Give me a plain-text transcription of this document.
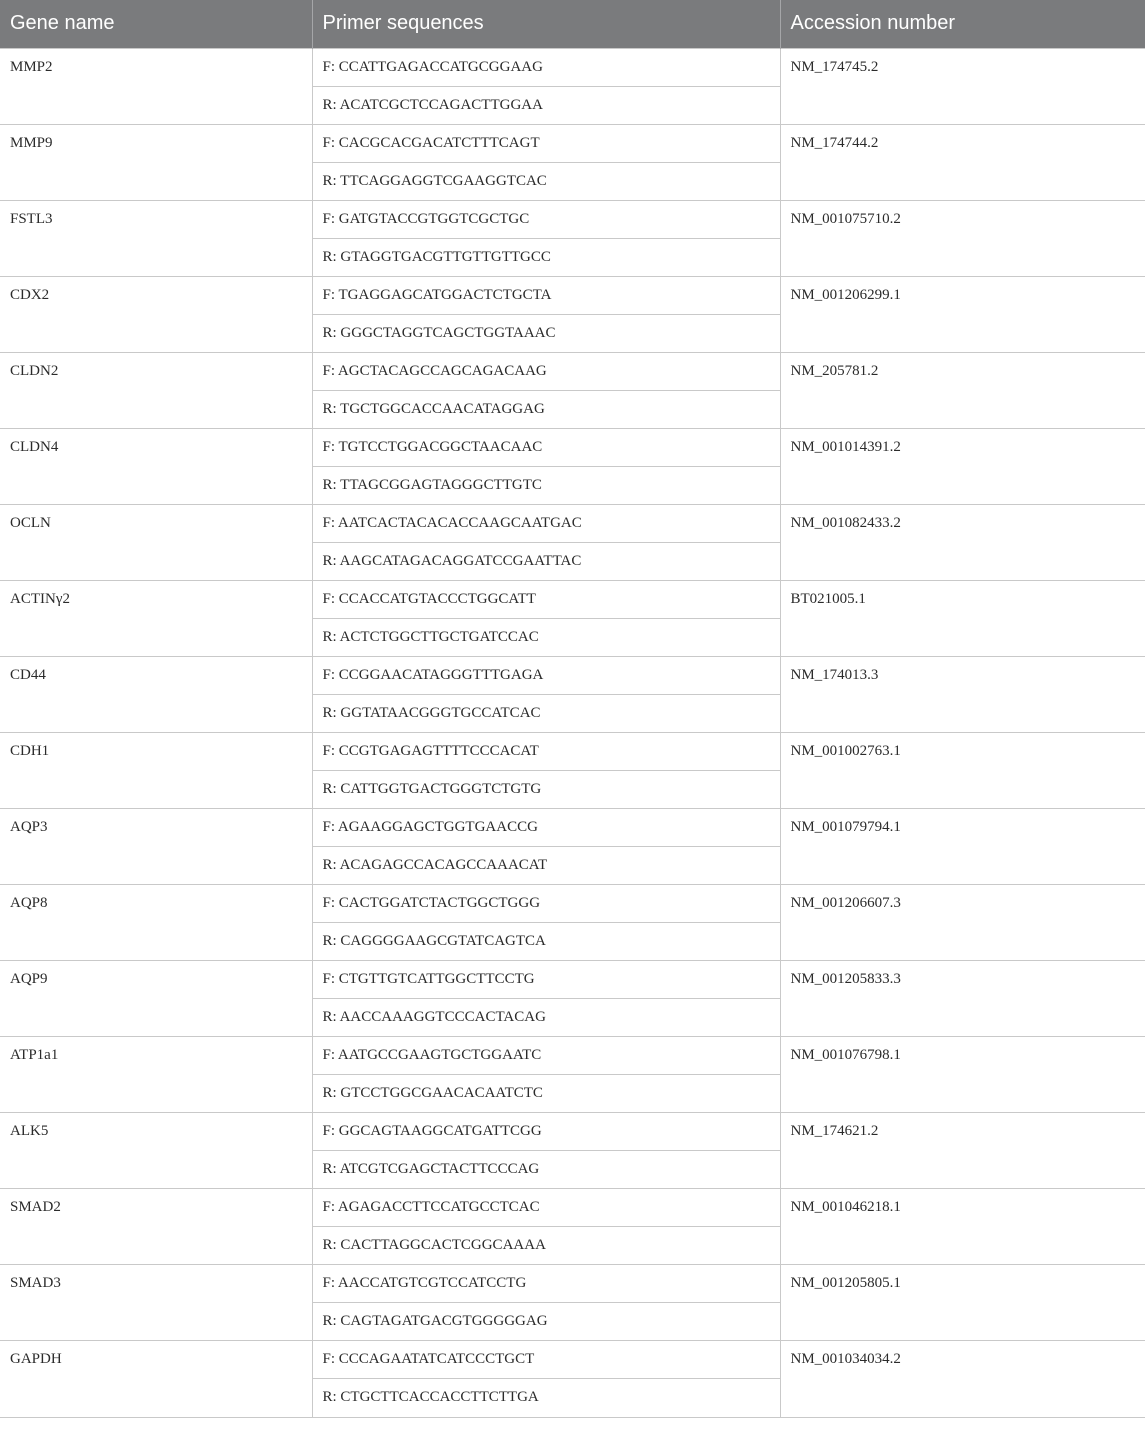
Gene name	Primer sequences	Accession number
MMP2	F: CCATTGAGACCATGCGGAAG	NM_174745.2
	R: ACATCGCTCCAGACTTGGAA	
MMP9	F: CACGCACGACATCTTTCAGT	NM_174744.2
	R: TTCAGGAGGTCGAAGGTCAC	
FSTL3	F: GATGTACCGTGGTCGCTGC	NM_001075710.2
	R: GTAGGTGACGTTGTTGTTGCC	
CDX2	F: TGAGGAGCATGGACTCTGCTA	NM_001206299.1
	R: GGGCTAGGTCAGCTGGTAAAC	
CLDN2	F: AGCTACAGCCAGCAGACAAG	NM_205781.2
	R: TGCTGGCACCAACATAGGAG	
CLDN4	F: TGTCCTGGACGGCTAACAAC	NM_001014391.2
	R: TTAGCGGAGTAGGGCTTGTC	
OCLN	F: AATCACTACACACCAAGCAATGAC	NM_001082433.2
	R: AAGCATAGACAGGATCCGAATTAC	
ACTINγ2	F: CCACCATGTACCCTGGCATT	BT021005.1
	R: ACTCTGGCTTGCTGATCCAC	
CD44	F: CCGGAACATAGGGTTTGAGA	NM_174013.3
	R: GGTATAACGGGTGCCATCAC	
CDH1	F: CCGTGAGAGTTTTCCCACAT	NM_001002763.1
	R: CATTGGTGACTGGGTCTGTG	
AQP3	F: AGAAGGAGCTGGTGAACCG	NM_001079794.1
	R: ACAGAGCCACAGCCAAACAT	
AQP8	F: CACTGGATCTACTGGCTGGG	NM_001206607.3
	R: CAGGGGAAGCGTATCAGTCA	
AQP9	F: CTGTTGTCATTGGCTTCCTG	NM_001205833.3
	R: AACCAAAGGTCCCACTACAG	
ATP1a1	F: AATGCCGAAGTGCTGGAATC	NM_001076798.1
	R: GTCCTGGCGAACACAATCTC	
ALK5	F: GGCAGTAAGGCATGATTCGG	NM_174621.2
	R: ATCGTCGAGCTACTTCCCAG	
SMAD2	F: AGAGACCTTCCATGCCTCAC	NM_001046218.1
	R: CACTTAGGCACTCGGCAAAA	
SMAD3	F: AACCATGTCGTCCATCCTG	NM_001205805.1
	R: CAGTAGATGACGTGGGGGAG	
GAPDH	F: CCCAGAATATCATCCCTGCT	NM_001034034.2
	R: CTGCTTCACCACCTTCTTGA	
